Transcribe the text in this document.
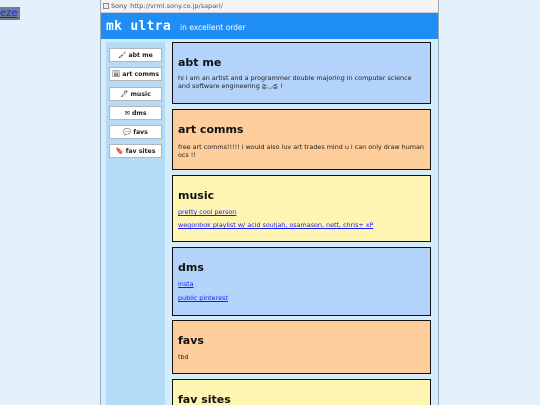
eze
Sony http://vrml.sony.co.jp/sapari/
mk ultra in excellent order
🖌 abt me
🖼 art comms
🖋 music
✉ dms
💬 favs
🔖 fav sites
abt me

hi i am an artist and a programmer double majoring in computer science and software engineering ≧◡≦ !

art comms

free art comms!!!!! i would also luv art trades mind u i can only draw human ocs !!

music
pretty cool person
wegonbok playlist w/ acid souljah, osamason, nett, chris+ xP
dms
insta
public pinterest
favs

tbd

fav sites
